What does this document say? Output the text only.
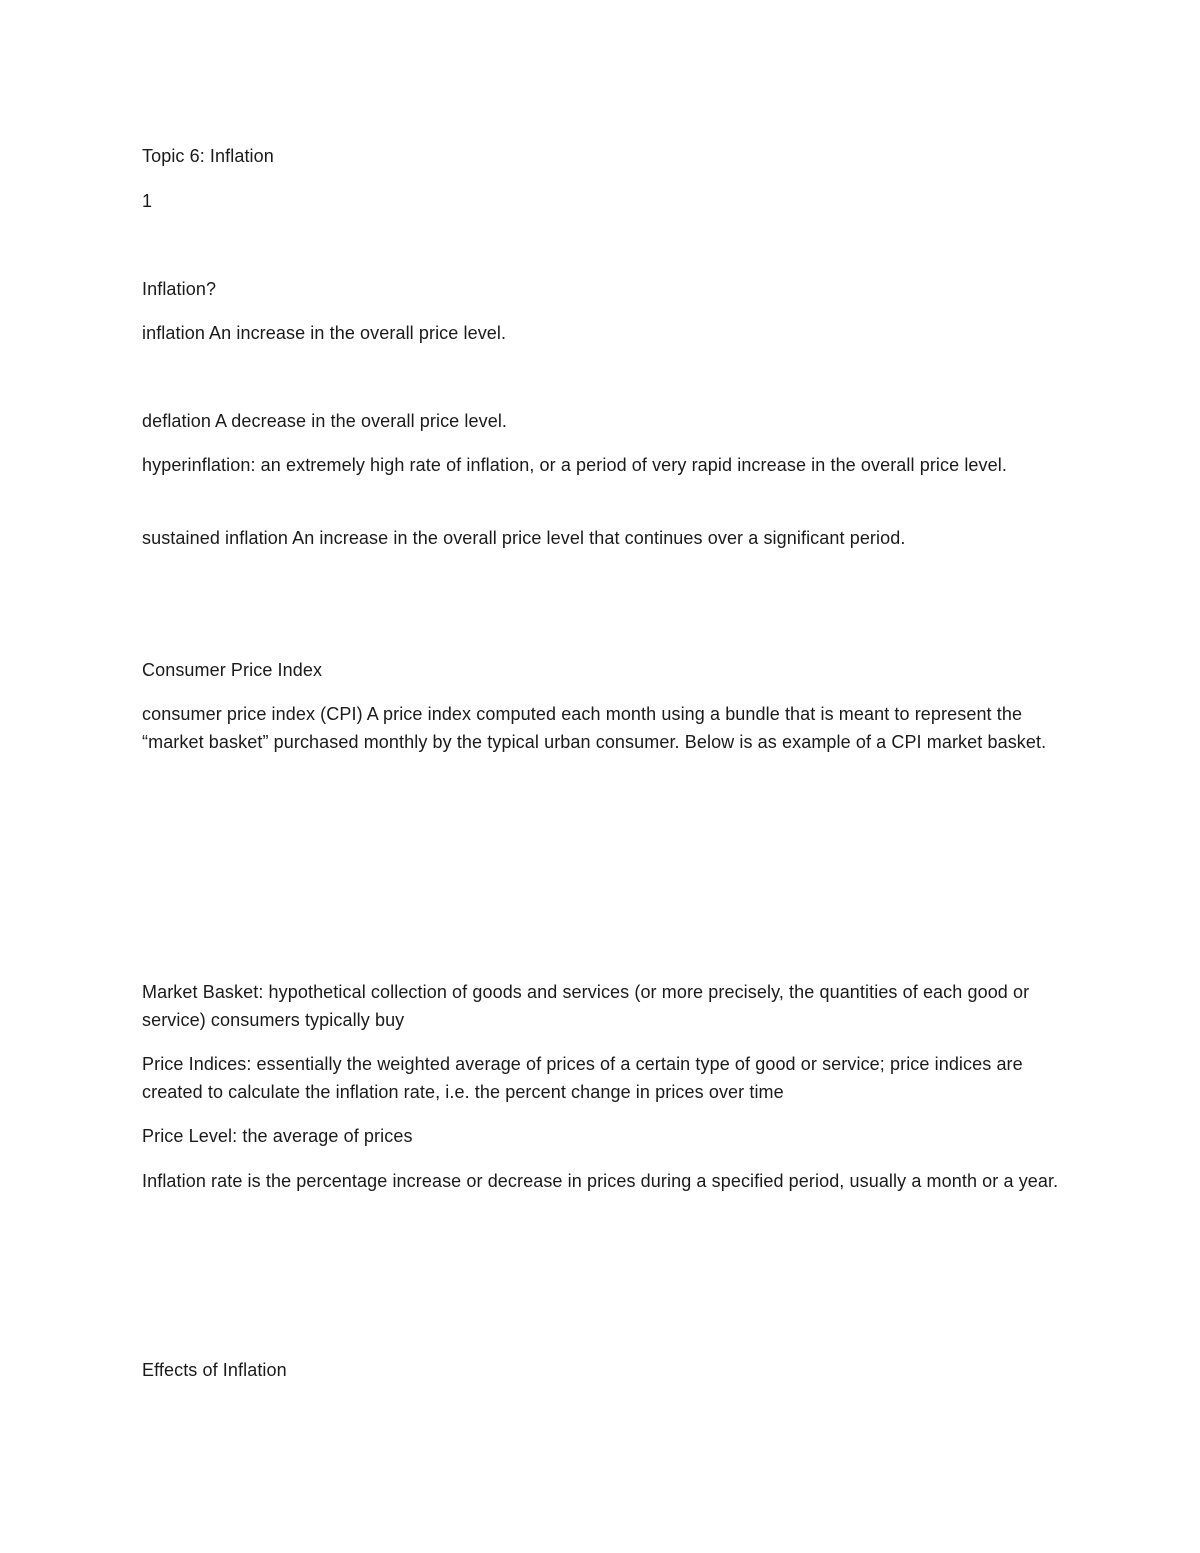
Topic 6: Inflation

1

Inflation?

inflation An increase in the overall price level.

deflation A decrease in the overall price level.

hyperinflation: an extremely high rate of inflation, or a period of very rapid increase in the overall price level.

sustained inflation An increase in the overall price level that continues over a significant period.

Consumer Price Index

consumer price index (CPI) A price index computed each month using a bundle that is meant to represent the “market basket” purchased monthly by the typical urban consumer. Below is as example of a CPI market basket.

Market Basket: hypothetical collection of goods and services (or more precisely, the quantities of each good or service) consumers typically buy

Price Indices: essentially the weighted average of prices of a certain type of good or service; price indices are created to calculate the inflation rate, i.e. the percent change in prices over time

Price Level: the average of prices

Inflation rate is the percentage increase or decrease in prices during a specified period, usually a month or a year.

Effects of Inflation
